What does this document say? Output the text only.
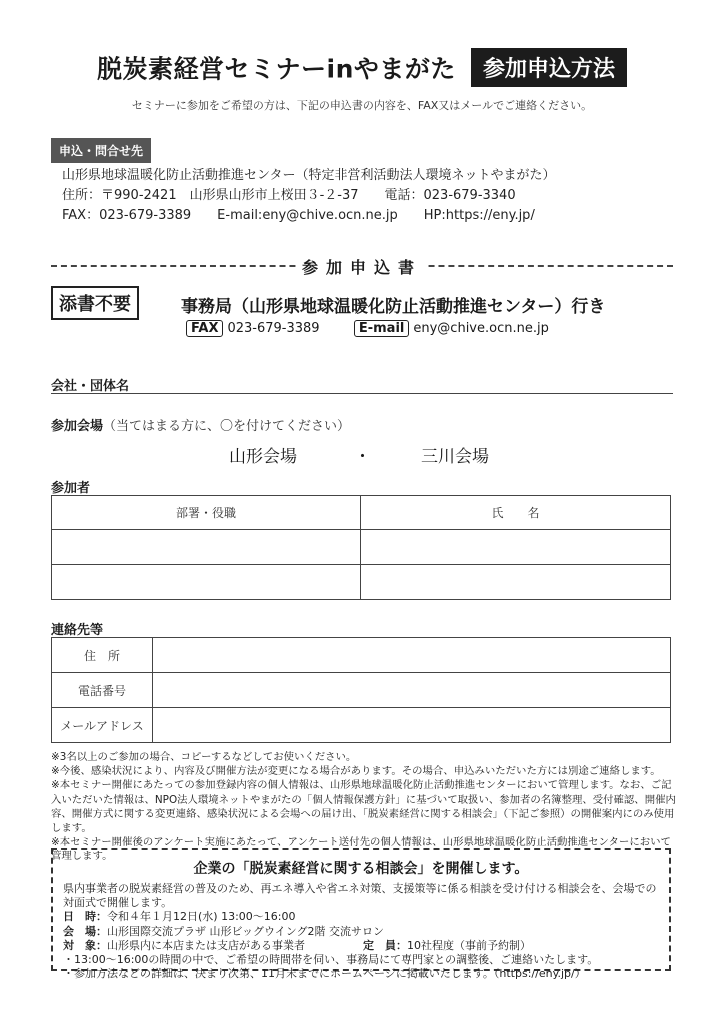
脱炭素経営セミナーinやまがた 参加申込方法
セミナーに参加をご希望の方は、下記の申込書の内容を、FAX又はメールでご連絡ください。
申込・問合せ先
山形県地球温暖化防止活動推進センター（特定非営利活動法人環境ネットやまがた）
住所：〒990-2421　山形県山形市上桜田３-２-37　　電話：023-679-3340
FAX：023-679-3389　　E-mail:eny@chive.ocn.ne.jp　　HP:https://eny.jp/
参加申込書
添書不要	事務局（山形県地球温暖化防止活動推進センター）行き
FAX 023-679-3389	E-mail eny@chive.ocn.ne.jp
会社・団体名
参加会場（当てはまる方に、〇を付けてください）
山形会場	・	三川会場
参加者
部署・役職	氏　　名

連絡先等
住　所	
電話番号	
メールアドレス	

※3名以上のご参加の場合、コピーするなどしてお使いください。

※今後、感染状況により、内容及び開催方法が変更になる場合があります。その場合、申込みいただいた方には別途ご連絡します。

※本セミナー開催にあたっての参加登録内容の個人情報は、山形県地球温暖化防止活動推進センターにおいて管理します。なお、ご記入いただいた情報は、NPO法人環境ネットやまがたの「個人情報保護方針」に基づいて取扱い、参加者の名簿整理、受付確認、開催内容、開催方式に関する変更連絡、感染状況による会場への届け出、「脱炭素経営に関する相談会」（下記ご参照）の開催案内にのみ使用します。

※本セミナー開催後のアンケート実施にあたって、アンケート送付先の個人情報は、山形県地球温暖化防止活動推進センターにおいて管理します。

企業の「脱炭素経営に関する相談会」を開催します。

県内事業者の脱炭素経営の普及のため、再エネ導入や省エネ対策、支援策等に係る相談を受け付ける相談会を、会場での対面式で開催します。

日　時：令和４年１月12日(水) 13:00～16:00会　場：山形国際交流プラザ 山形ビッグウイング2階 交流サロン

対　象：山形県内に本店または支店がある事業者	定　員：10社程度（事前予約制）

・13:00～16:00の時間の中で、ご希望の時間帯を伺い、事務局にて専門家との調整後、ご連絡いたします。

・参加方法などの詳細は、決まり次第、11月末までにホームページに掲載いたします。（https://eny.jp/）
